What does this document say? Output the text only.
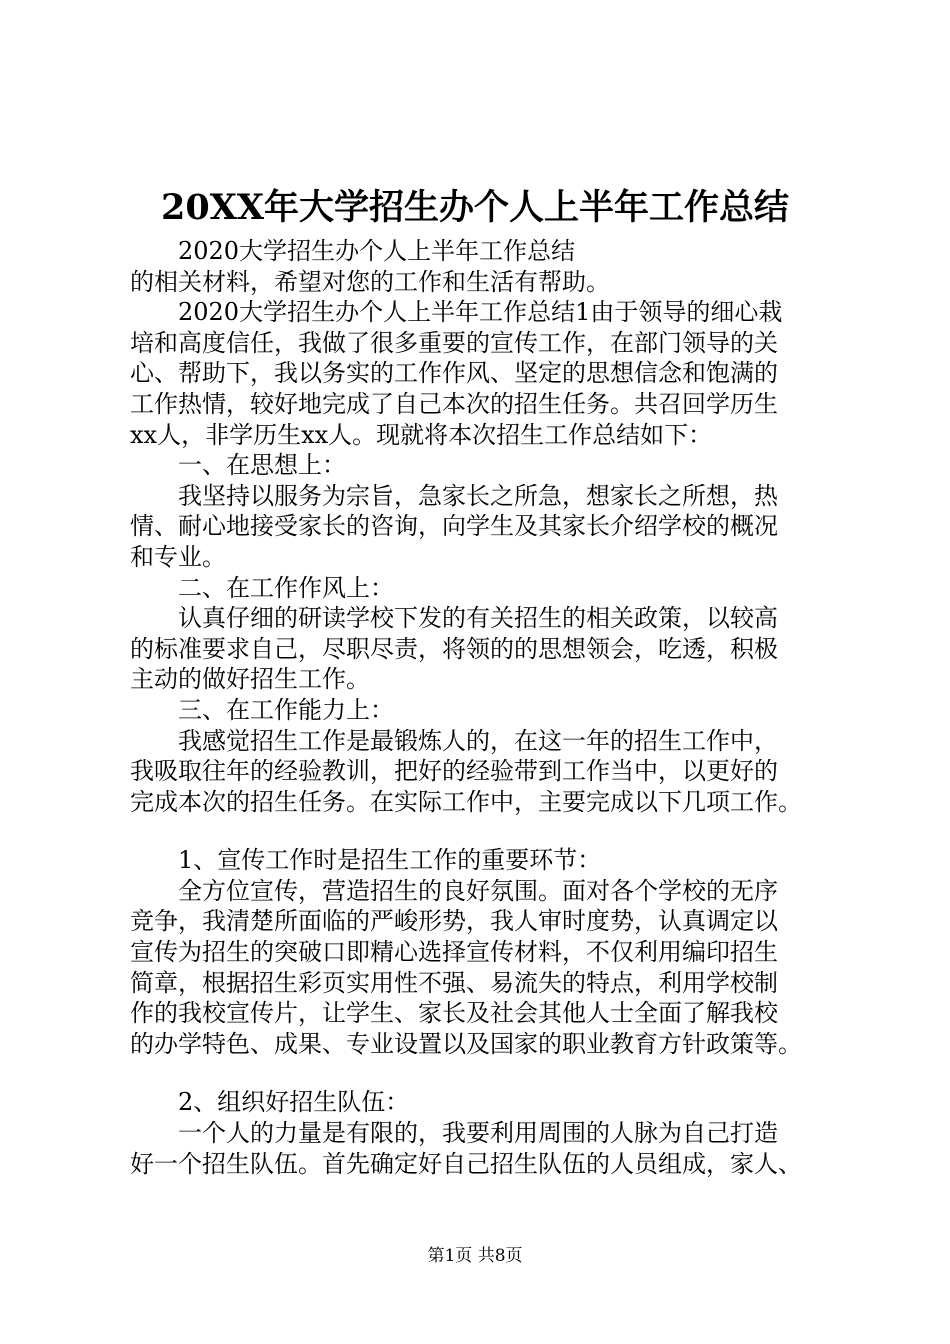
20XX年大学招生办个人上半年工作总结
2020大学招生办个人上半年工作总结
的相关材料，希望对您的工作和生活有帮助。
2020大学招生办个人上半年工作总结1由于领导的细心栽
培和高度信任，我做了很多重要的宣传工作，在部门领导的关
心、帮助下，我以务实的工作作风、坚定的思想信念和饱满的
工作热情，较好地完成了自己本次的招生任务。共召回学历生
xx人，非学历生xx人。现就将本次招生工作总结如下：
一、在思想上：
我坚持以服务为宗旨，急家长之所急，想家长之所想，热
情、耐心地接受家长的咨询，向学生及其家长介绍学校的概况
和专业。
二、在工作作风上：
认真仔细的研读学校下发的有关招生的相关政策，以较高
的标准要求自己，尽职尽责，将领的的思想领会，吃透，积极
主动的做好招生工作。
三、在工作能力上：
我感觉招生工作是最锻炼人的，在这一年的招生工作中，
我吸取往年的经验教训，把好的经验带到工作当中，以更好的
完成本次的招生任务。在实际工作中，主要完成以下几项工作。
1、宣传工作时是招生工作的重要环节：
全方位宣传，营造招生的良好氛围。面对各个学校的无序
竞争，我清楚所面临的严峻形势，我人审时度势，认真调定以
宣传为招生的突破口即精心选择宣传材料，不仅利用编印招生
简章，根据招生彩页实用性不强、易流失的特点，利用学校制
作的我校宣传片，让学生、家长及社会其他人士全面了解我校
的办学特色、成果、专业设置以及国家的职业教育方针政策等。
2、组织好招生队伍：
一个人的力量是有限的，我要利用周围的人脉为自己打造
好一个招生队伍。首先确定好自己招生队伍的人员组成，家人、
第1页 共8页
